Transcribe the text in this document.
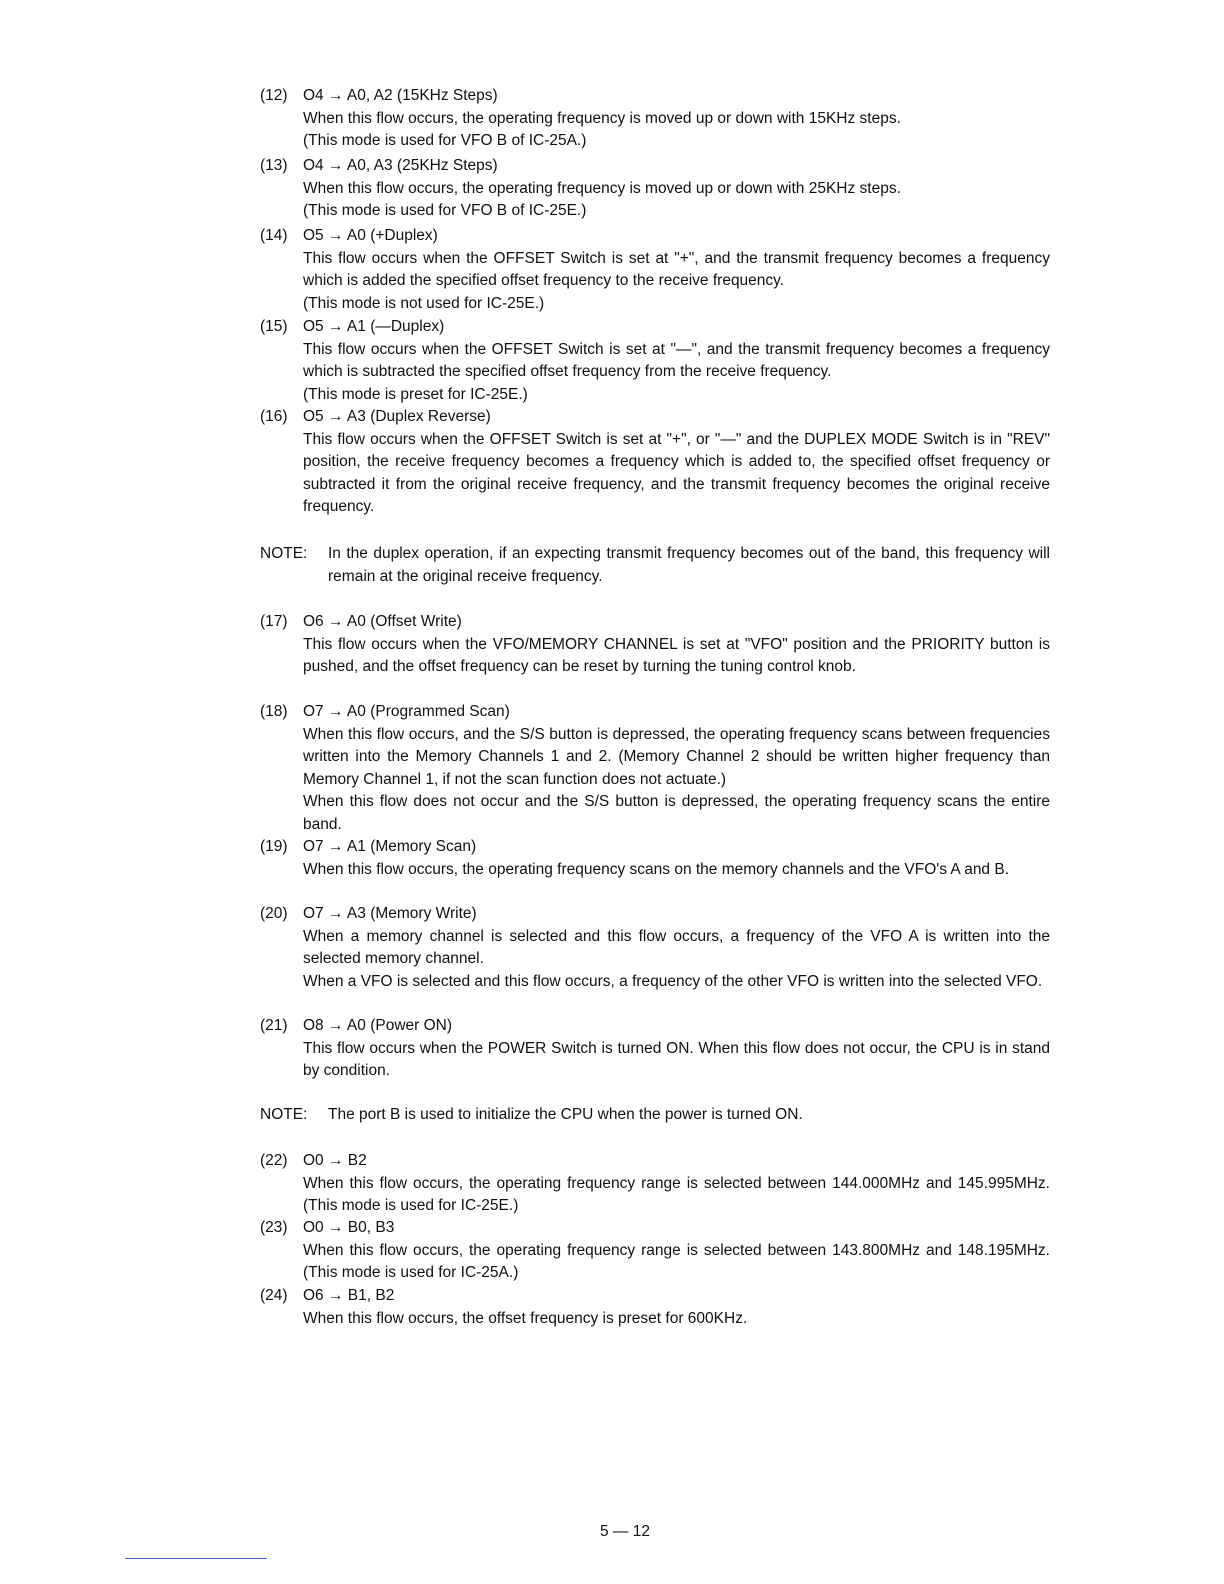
(12) O4 → A0, A2 (15KHz Steps)

When this flow occurs, the operating frequency is moved up or down with 15KHz steps.

(This mode is used for VFO B of IC-25A.)

(13) O4 → A0, A3 (25KHz Steps)

When this flow occurs, the operating frequency is moved up or down with 25KHz steps.

(This mode is used for VFO B of IC-25E.)

(14) O5 → A0 (+Duplex)

This flow occurs when the OFFSET Switch is set at "+", and the transmit frequency becomes a frequency which is added the specified offset frequency to the receive frequency.

(This mode is not used for IC-25E.)

(15) O5 → A1 (—Duplex)

This flow occurs when the OFFSET Switch is set at "—", and the transmit frequency becomes a frequency which is subtracted the specified offset frequency from the receive frequency.

(This mode is preset for IC-25E.)

(16) O5 → A3 (Duplex Reverse)

This flow occurs when the OFFSET Switch is set at "+", or "—" and the DUPLEX MODE Switch is in "REV" position, the receive frequency becomes a frequency which is added to, the specified offset frequency or subtracted it from the original receive frequency, and the transmit frequency becomes the original receive frequency.

NOTE: In the duplex operation, if an expecting transmit frequency becomes out of the band, this frequency will remain at the original receive frequency.
(17) O6 → A0 (Offset Write)

This flow occurs when the VFO/MEMORY CHANNEL is set at "VFO" position and the PRIORITY button is pushed, and the offset frequency can be reset by turning the tuning control knob.

(18) O7 → A0 (Programmed Scan)

When this flow occurs, and the S/S button is depressed, the operating frequency scans between frequencies written into the Memory Channels 1 and 2. (Memory Channel 2 should be written higher frequency than Memory Channel 1, if not the scan function does not actuate.)

When this flow does not occur and the S/S button is depressed, the operating frequency scans the entire band.

(19) O7 → A1 (Memory Scan)

When this flow occurs, the operating frequency scans on the memory channels and the VFO's A and B.

(20) O7 → A3 (Memory Write)

When a memory channel is selected and this flow occurs, a frequency of the VFO A is written into the selected memory channel.

When a VFO is selected and this flow occurs, a frequency of the other VFO is written into the selected VFO.

(21) O8 → A0 (Power ON)

This flow occurs when the POWER Switch is turned ON. When this flow does not occur, the CPU is in stand by condition.

NOTE: The port B is used to initialize the CPU when the power is turned ON.
(22) O0 → B2

When this flow occurs, the operating frequency range is selected between 144.000MHz and 145.995MHz. (This mode is used for IC-25E.)

(23) O0 → B0, B3

When this flow occurs, the operating frequency range is selected between 143.800MHz and 148.195MHz. (This mode is used for IC-25A.)

(24) O6 → B1, B2

When this flow occurs, the offset frequency is preset for 600KHz.

5 — 12
